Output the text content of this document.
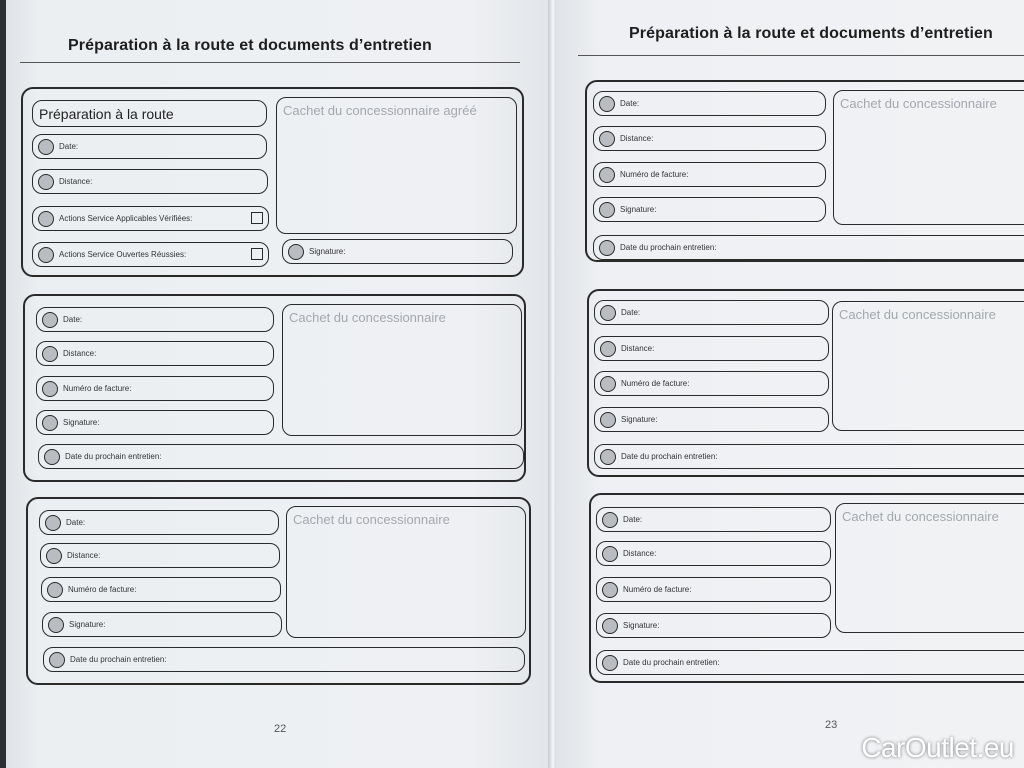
Préparation à la route et documents d’entretien
Préparation à la route
Date:
Distance:
Actions Service Applicables Vérifiées:
Actions Service Ouvertes Réussies:
Cachet du concessionnaire agréé
Signature:
Date:
Distance:
Numéro de facture:
Signature:
Date du prochain entretien:
Cachet du concessionnaire
Date:
Distance:
Numéro de facture:
Signature:
Date du prochain entretien:
Cachet du concessionnaire
22
Préparation à la route et documents d’entretien
Date:
Distance:
Numéro de facture:
Signature:
Date du prochain entretien:
Cachet du concessionnaire
Date:
Distance:
Numéro de facture:
Signature:
Date du prochain entretien:
Cachet du concessionnaire
Date:
Distance:
Numéro de facture:
Signature:
Date du prochain entretien:
Cachet du concessionnaire
23
CarOutlet.eu
